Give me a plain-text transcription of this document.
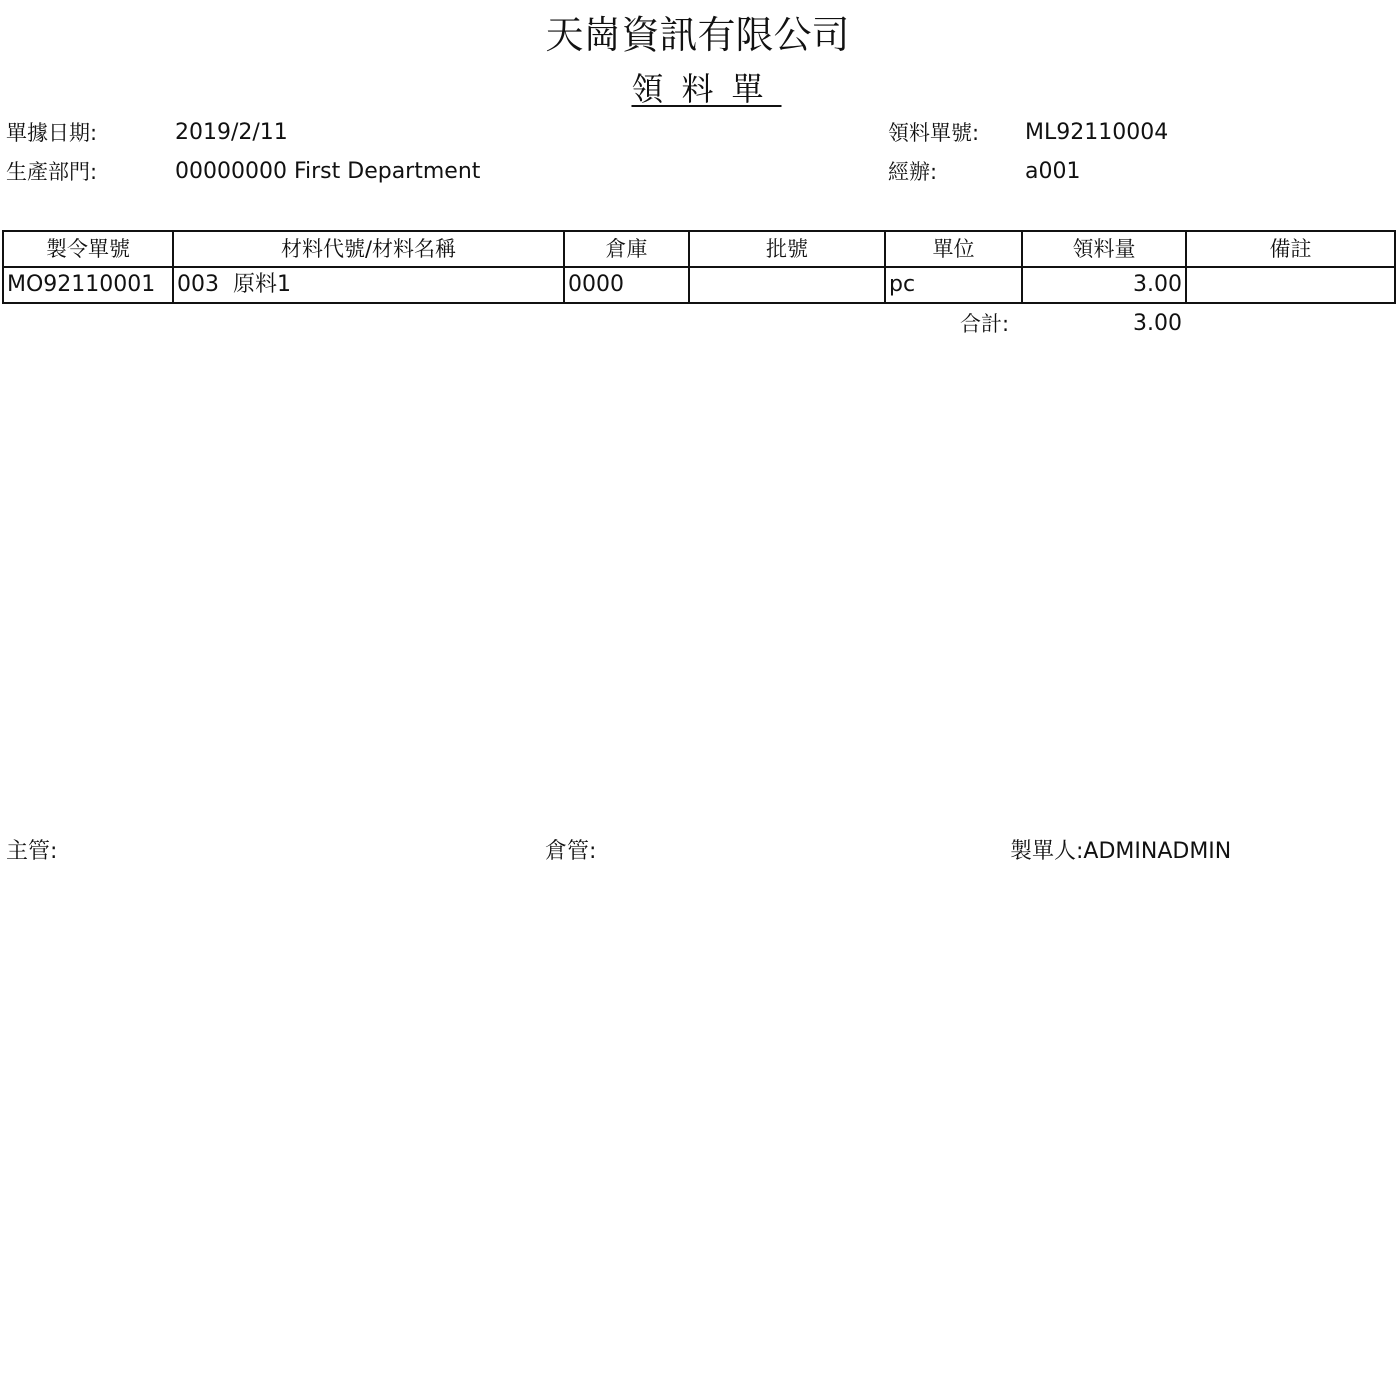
天崗資訊有限公司
領料單
單據日期:	2019/2/11
生產部門:	00000000 First Department
領料單號: ML92110004
經辦:	a001
製令單號	材料代號/材料名稱	倉庫	批號	單位	領料量	備註
MO92110001	003  原料1	0000		pc	3.00	
合計:	3.00
主管:	倉管:	製單人:ADMINADMIN
